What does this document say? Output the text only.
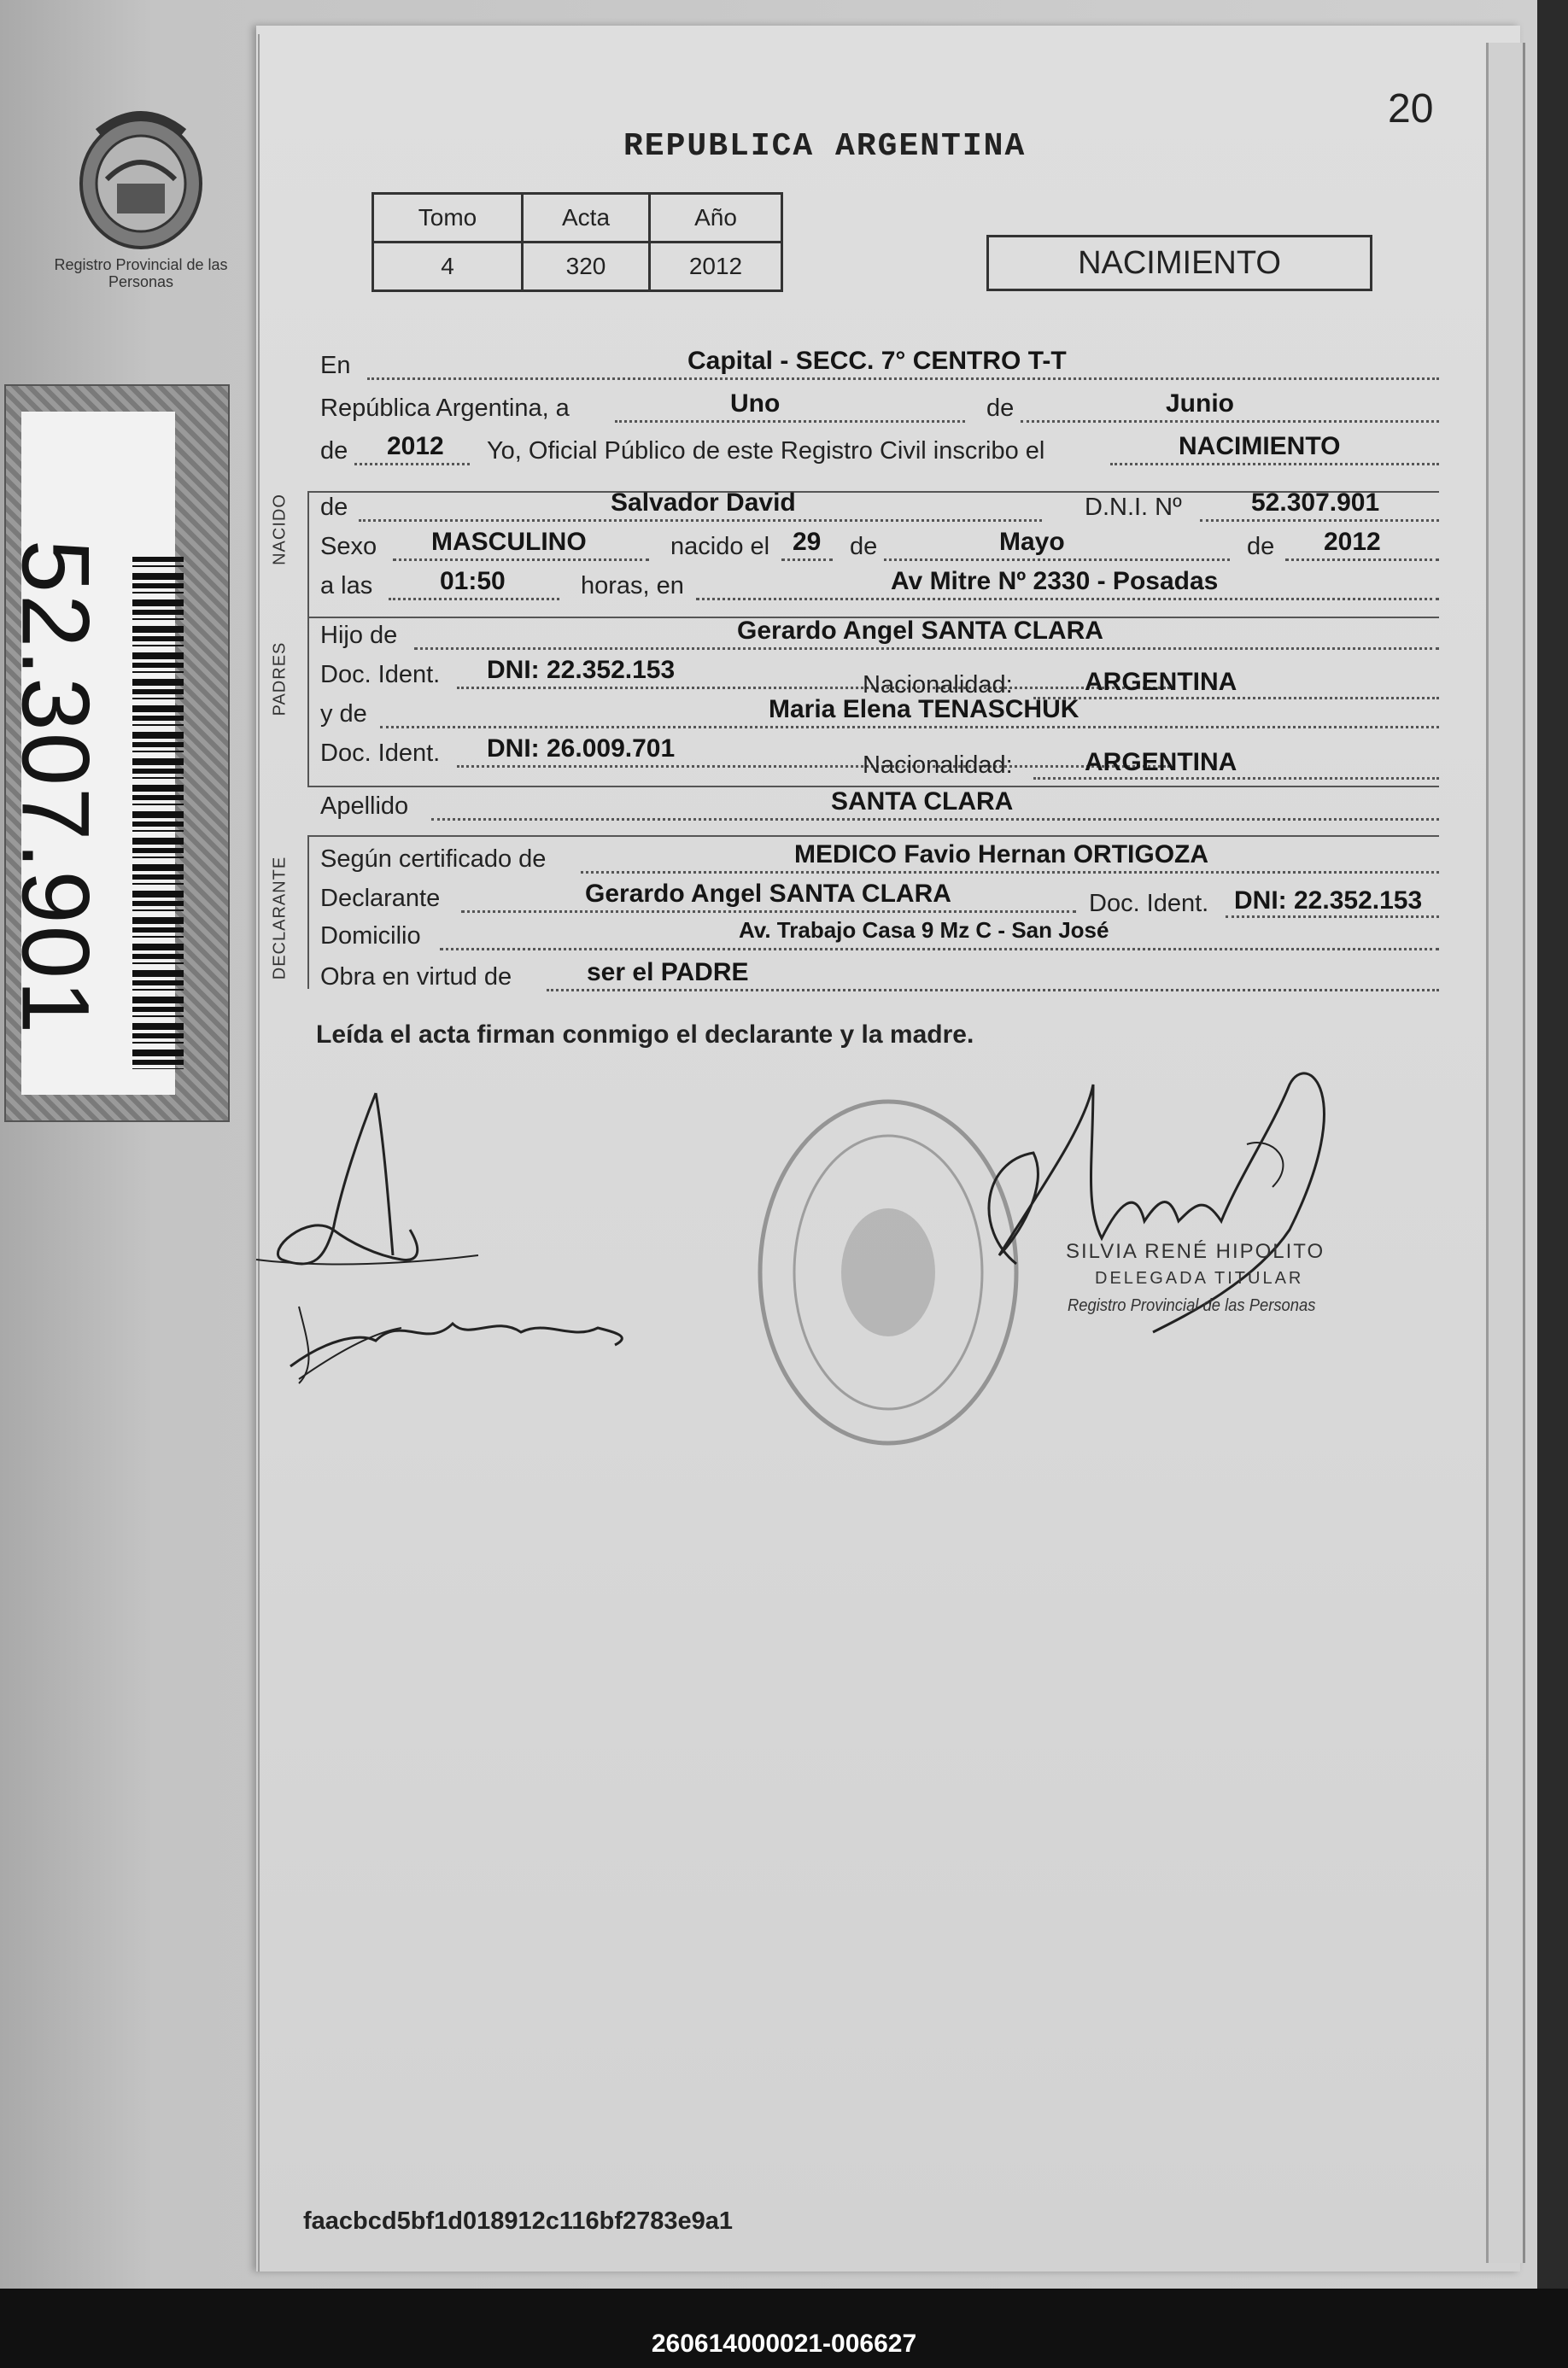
Registro Provincial de las Personas
52.307.901
20
REPUBLICA ARGENTINA
Tomo	Acta	Año
4	320	2012	NACIMIENTO
NACIDO
PADRES
DECLARANTE
En	Capital - SECC. 7° CENTRO T-T
República Argentina, a	Uno	de	Junio
de 2012 Yo, Oficial Público de este Registro Civil inscribo el	NACIMIENTO
de	Salvador David	D.N.I. Nº	52.307.901
Sexo MASCULINO	nacido el 29 de	Mayo	de 2012
a las	01:50	horas, en	Av Mitre Nº 2330 - Posadas
Hijo de	Gerardo Angel SANTA CLARA
Doc. Ident. DNI: 22.352.153
Nacionalidad:	ARGENTINA
y de	Maria Elena TENASCHUK
Doc. Ident. DNI: 26.009.701
Nacionalidad:	ARGENTINA
Apellido	SANTA CLARA
Según certificado de	MEDICO Favio Hernan ORTIGOZA
Declarante	Gerardo Angel SANTA CLARA	Doc. Ident. DNI: 22.352.153
Domicilio	Av. Trabajo Casa 9 Mz C - San José
Obra en virtud de	ser el PADRE
Leída el acta firman conmigo el declarante y la madre.
SILVIA RENÉ HIPOLITO
DELEGADA TITULAR
Registro Provincial de las Personas
faacbcd5bf1d018912c116bf2783e9a1
260614000021-006627
